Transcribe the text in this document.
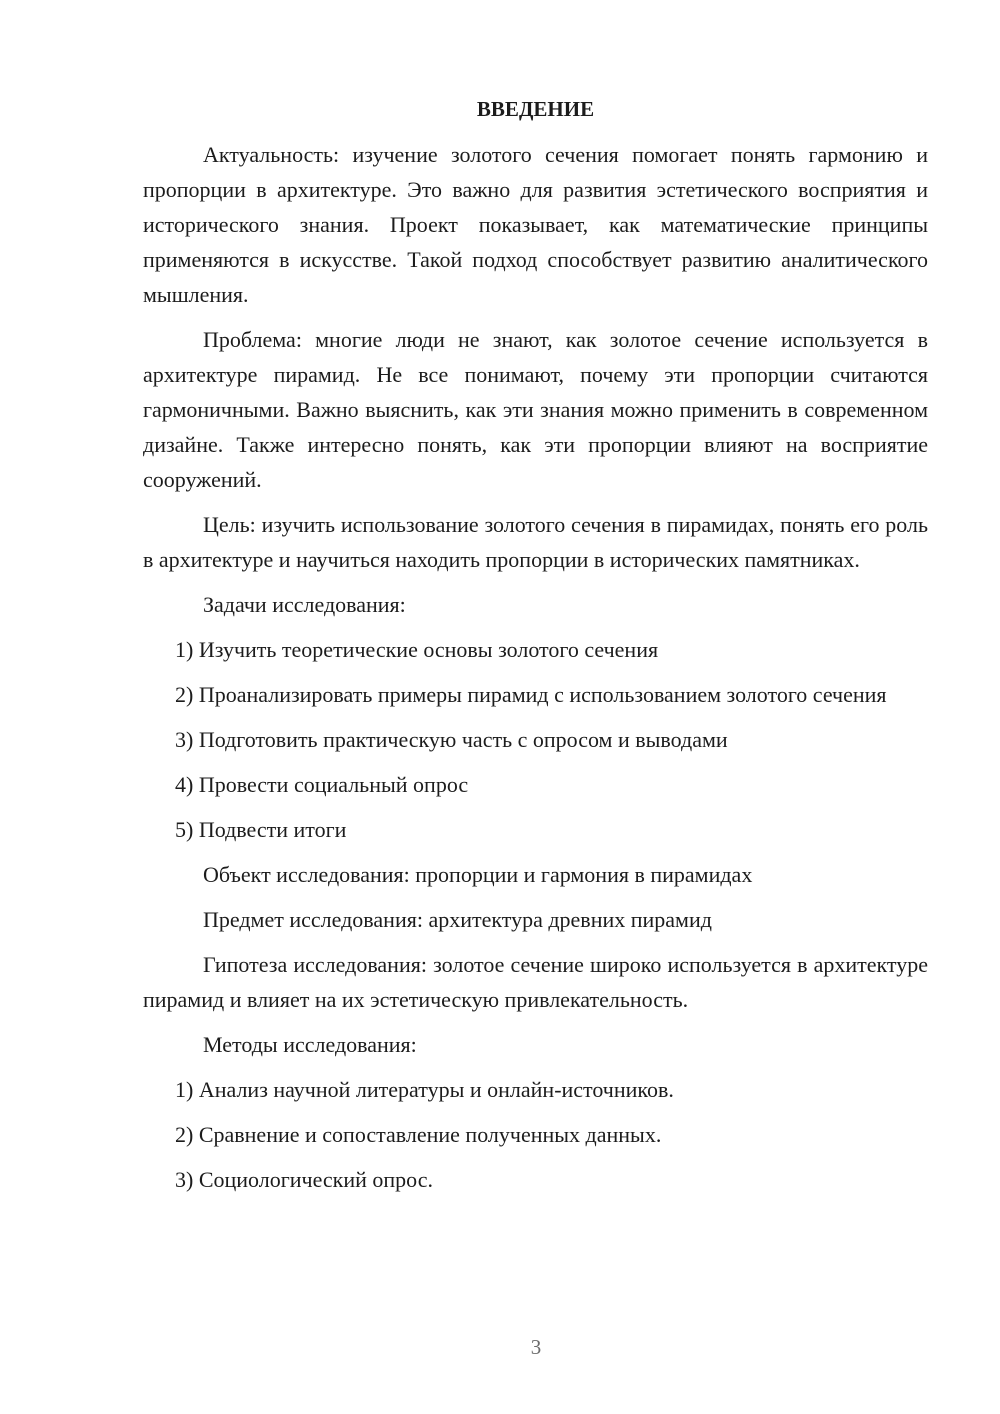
ВВЕДЕНИЕ

Актуальность: изучение золотого сечения помогает понять гармонию и пропорции в архитектуре. Это важно для развития эстетического восприятия и исторического знания. Проект показывает, как математические принципы применяются в искусстве. Такой подход способствует развитию аналитического мышления.

Проблема: многие люди не знают, как золотое сечение используется в архитектуре пирамид. Не все понимают, почему эти пропорции считаются гармоничными. Важно выяснить, как эти знания можно применить в современном дизайне. Также интересно понять, как эти пропорции влияют на восприятие сооружений.

Цель: изучить использование золотого сечения в пирамидах, понять его роль в архитектуре и научиться находить пропорции в исторических памятниках.

Задачи исследования:

1) Изучить теоретические основы золотого сечения

2) Проанализировать примеры пирамид с использованием золотого сечения

3) Подготовить практическую часть с опросом и выводами

4) Провести социальный опрос

5) Подвести итоги

Объект исследования: пропорции и гармония в пирамидах

Предмет исследования: архитектура древних пирамид

Гипотеза исследования: золотое сечение широко используется в архитектуре пирамид и влияет на их эстетическую привлекательность.

Методы исследования:

1) Анализ научной литературы и онлайн-источников.

2) Сравнение и сопоставление полученных данных.

3) Социологический опрос.

3
